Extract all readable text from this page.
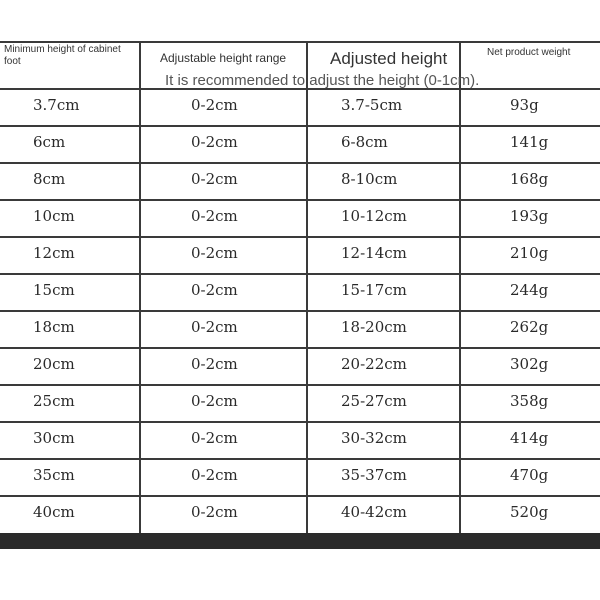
Minimum height of cabinet foot	Adjustable height range	Adjusted height	Net product weight
It is recommended to adjust the height (0-1cm).
3.7cm	0-2cm	3.7-5cm	93g
6cm	0-2cm	6-8cm	141g
8cm	0-2cm	8-10cm	168g
10cm	0-2cm	10-12cm	193g
12cm	0-2cm	12-14cm	210g
15cm	0-2cm	15-17cm	244g
18cm	0-2cm	18-20cm	262g
20cm	0-2cm	20-22cm	302g
25cm	0-2cm	25-27cm	358g
30cm	0-2cm	30-32cm	414g
35cm	0-2cm	35-37cm	470g
40cm	0-2cm	40-42cm	520g
